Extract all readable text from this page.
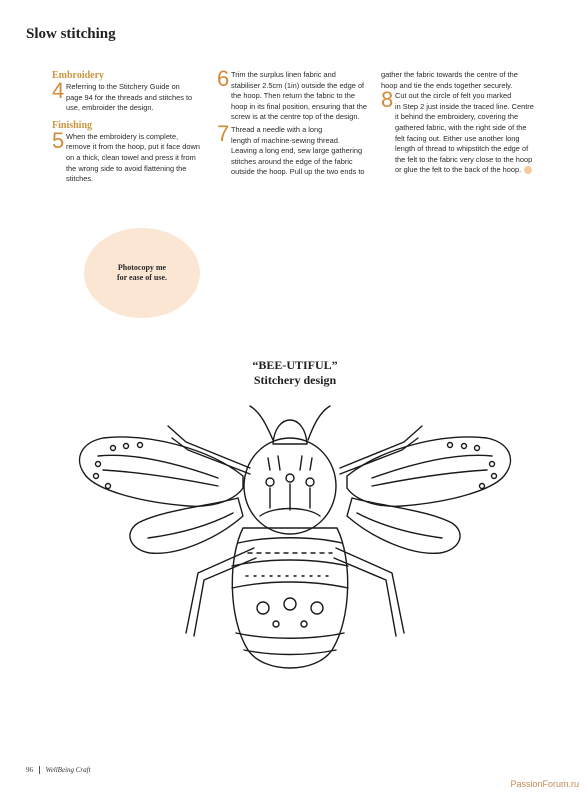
Slow stitching

Embroidery

4 Referring to the Stitchery Guide on
page 94 for the threads and stitches to use, embroider the design.

Finishing

5 When the embroidery is complete,
remove it from the hoop, put it face down on a thick, clean towel and press it from the wrong side to avoid flattening the stitches.
6 Trim the surplus linen fabric and
stabiliser 2.5cm (1in) outside the edge of the hoop. Then return the fabric to the hoop in its final position, ensuring that the screw is at the centre top of the design.
7 Thread a needle with a long
length of machine-sewing thread. Leaving a long end, sew large gathering stitches around the edge of the fabric outside the hoop. Pull up the two ends to

gather the fabric towards the centre of the hoop and tie the ends together securely.

8 Cut out the circle of felt you marked
in Step 2 just inside the traced line. Centre it behind the embroidery, covering the gathered fabric, with the right side of the felt facing out. Either use another long length of thread to whipstitch the edge of the felt to the fabric very close to the hoop or glue the felt to the back of the hoop.
Photocopy me for ease of use.
“BEE-UTIFUL”
Stitchery design
96 WellBeing Craft
PassionForum.ru
